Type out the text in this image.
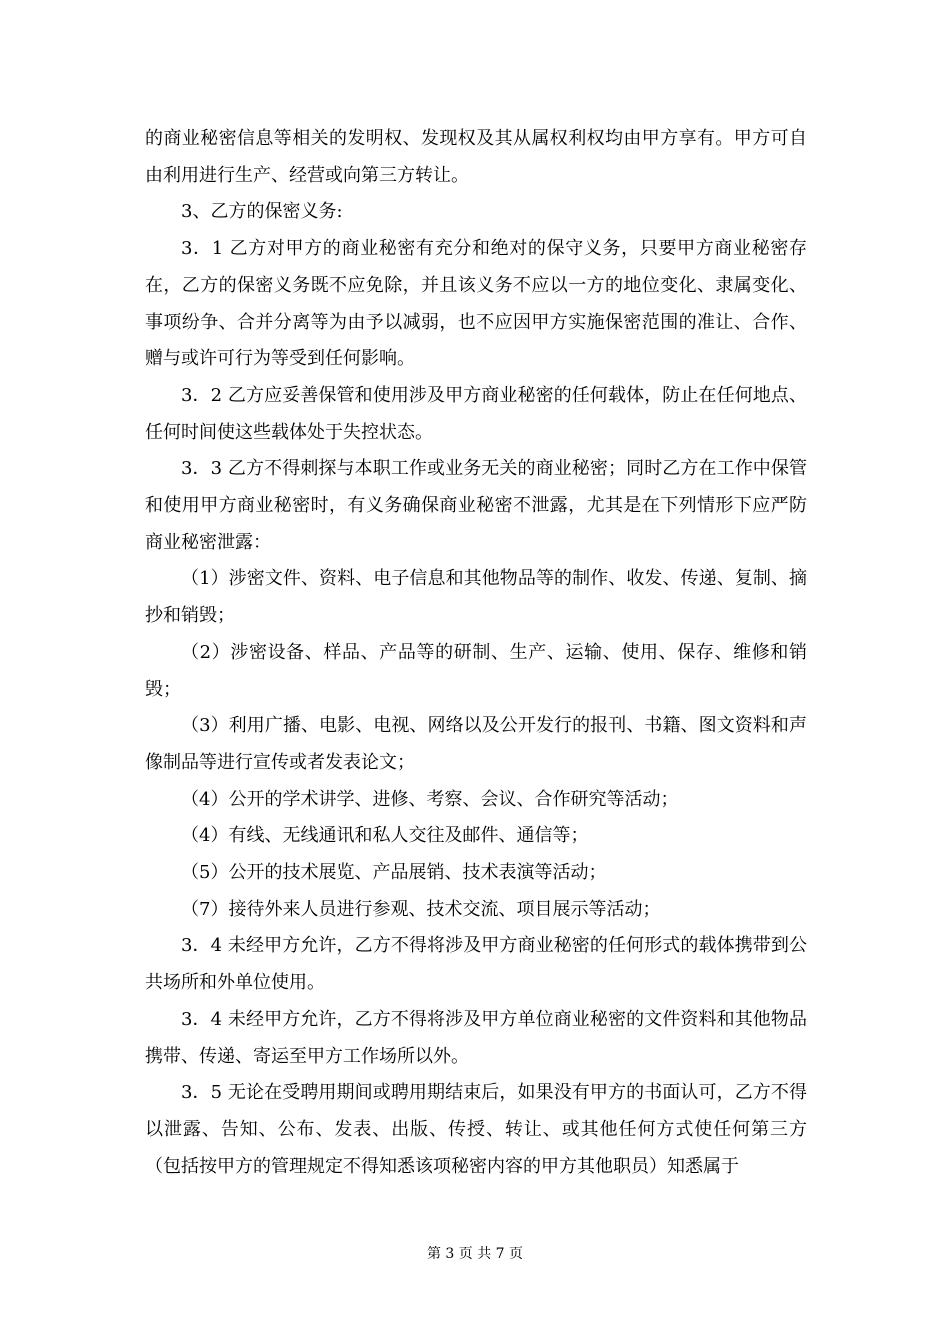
的商业秘密信息等相关的发明权、发现权及其从属权利权均由甲方享有。甲方可自由利用进行生产、经营或向第三方转让。

3、乙方的保密义务:

3．1 乙方对甲方的商业秘密有充分和绝对的保守义务，只要甲方商业秘密存在，乙方的保密义务既不应免除，并且该义务不应以一方的地位变化、隶属变化、事项纷争、合并分离等为由予以减弱，也不应因甲方实施保密范围的准让、合作、赠与或许可行为等受到任何影响。

3．2 乙方应妥善保管和使用涉及甲方商业秘密的任何载体，防止在任何地点、任何时间使这些载体处于失控状态。

3．3 乙方不得刺探与本职工作或业务无关的商业秘密；同时乙方在工作中保管和使用甲方商业秘密时，有义务确保商业秘密不泄露，尤其是在下列情形下应严防商业秘密泄露：

（1）涉密文件、资料、电子信息和其他物品等的制作、收发、传递、复制、摘抄和销毁；

（2）涉密设备、样品、产品等的研制、生产、运输、使用、保存、维修和销毁；

（3）利用广播、电影、电视、网络以及公开发行的报刊、书籍、图文资料和声像制品等进行宣传或者发表论文；

（4）公开的学术讲学、进修、考察、会议、合作研究等活动；

（4）有线、无线通讯和私人交往及邮件、通信等；

（5）公开的技术展览、产品展销、技术表演等活动；

（7）接待外来人员进行参观、技术交流、项目展示等活动；

3．4 未经甲方允许，乙方不得将涉及甲方商业秘密的任何形式的载体携带到公共场所和外单位使用。

3．4 未经甲方允许，乙方不得将涉及甲方单位商业秘密的文件资料和其他物品携带、传递、寄运至甲方工作场所以外。

3．5 无论在受聘用期间或聘用期结束后，如果没有甲方的书面认可，乙方不得以泄露、告知、公布、发表、出版、传授、转让、或其他任何方式使任何第三方（包括按甲方的管理规定不得知悉该项秘密内容的甲方其他职员）知悉属于

第 3 页 共 7 页
